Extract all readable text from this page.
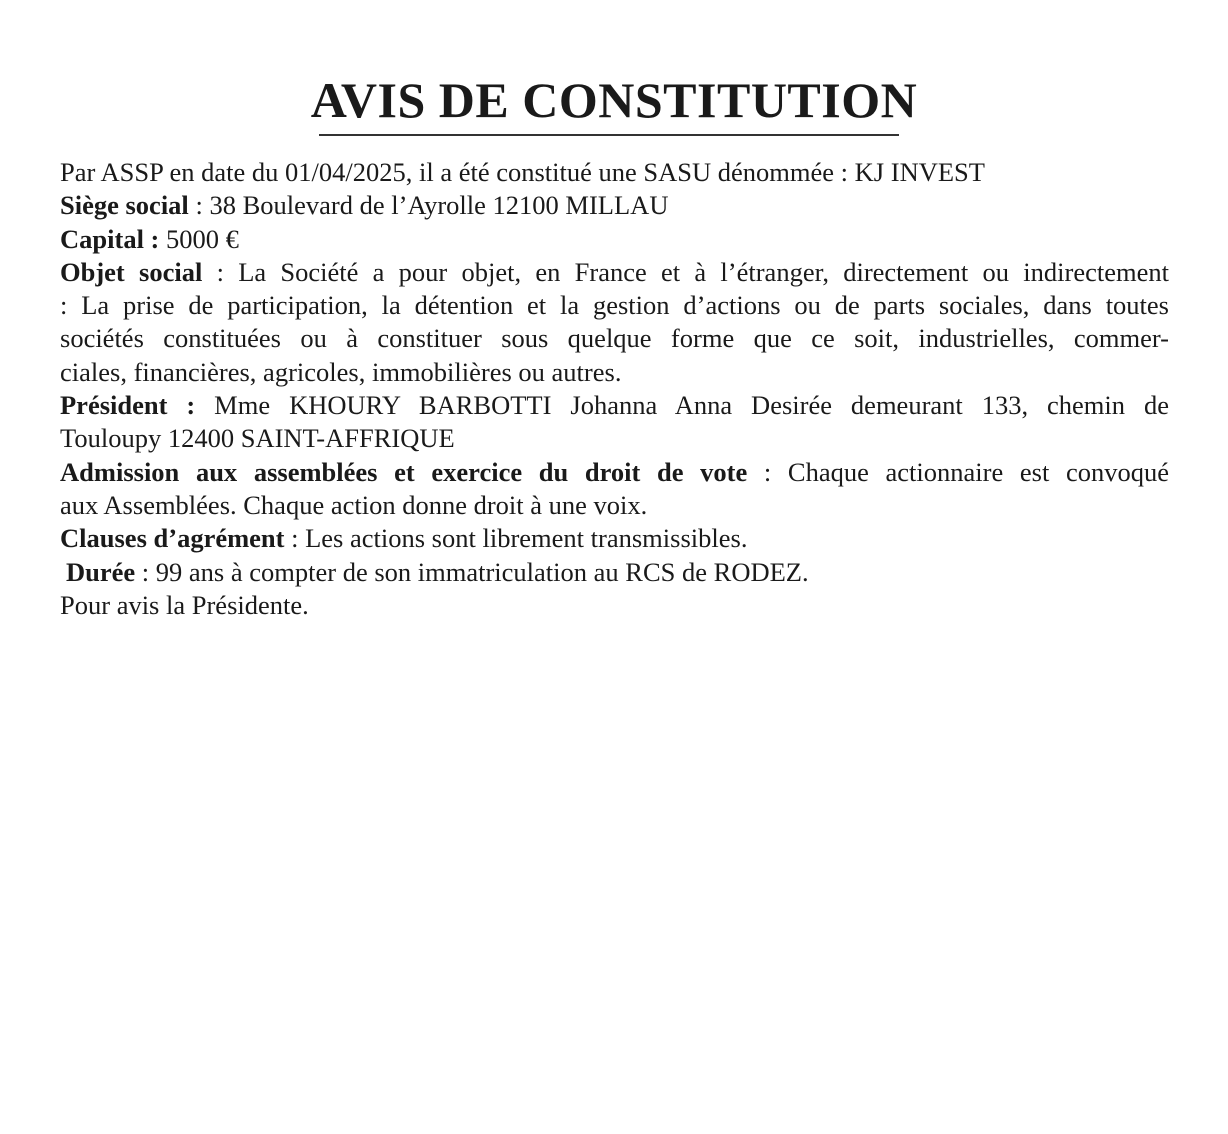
AVIS DE CONSTITUTION
Par ASSP en date du 01/04/2025, il a été constitué une SASU dénommée : KJ INVEST
Siège social : 38 Boulevard de l’Ayrolle 12100 MILLAU
Capital : 5000 €
Objet social : La Société a pour objet, en France et à l’étranger, directement ou indirectement
: La prise de participation, la détention et la gestion d’actions ou de parts sociales, dans toutes
sociétés constituées ou à constituer sous quelque forme que ce soit, industrielles, commer-
ciales, financières, agricoles, immobilières ou autres.
Président : Mme KHOURY BARBOTTI Johanna Anna Desirée demeurant 133, chemin de
Touloupy 12400 SAINT-AFFRIQUE
Admission aux assemblées et exercice du droit de vote : Chaque actionnaire est convoqué
aux Assemblées. Chaque action donne droit à une voix.
Clauses d’agrément : Les actions sont librement transmissibles.
Durée : 99 ans à compter de son immatriculation au RCS de RODEZ.
Pour avis la Présidente.
